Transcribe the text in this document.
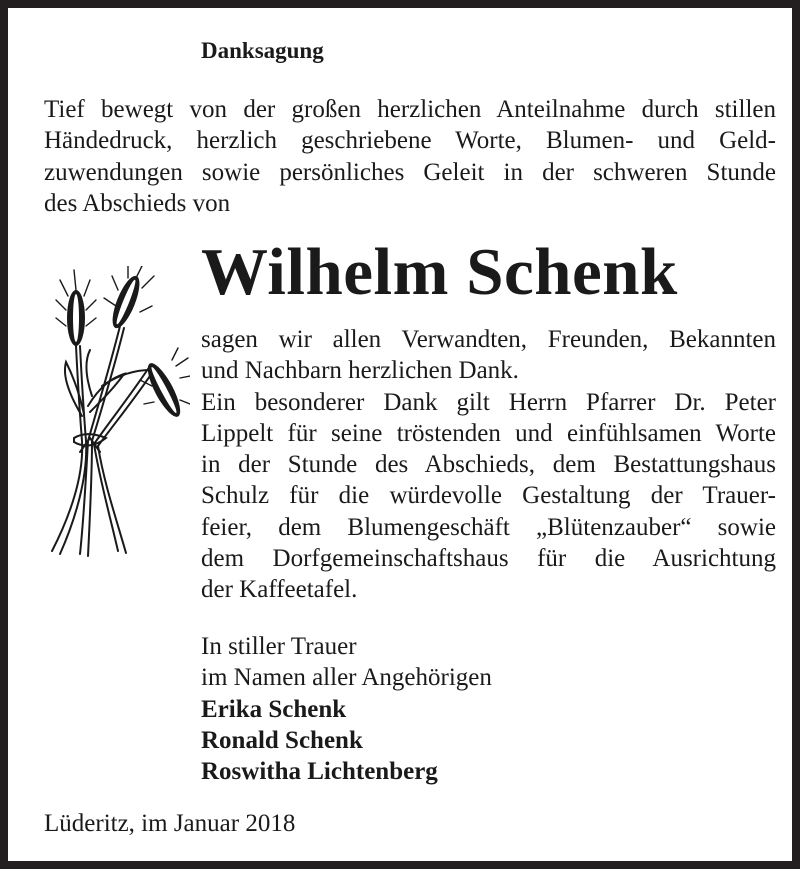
Danksagung

Tief bewegt von der großen herzlichen Anteilnahme durch stillen
Händedruck, herzlich geschriebene Worte, Blumen- und Geld-
zuwendungen sowie persönliches Geleit in der schweren Stunde
des Abschieds von

Wilhelm Schenk

sagen wir allen Verwandten, Freunden, Bekannten
und Nachbarn herzlichen Dank.
Ein besonderer Dank gilt Herrn Pfarrer Dr. Peter
Lippelt für seine tröstenden und einfühlsamen Worte
in der Stunde des Abschieds, dem Bestattungshaus
Schulz für die würdevolle Gestaltung der Trauer-
feier, dem Blumengeschäft „Blütenzauber“ sowie
dem Dorfgemeinschaftshaus für die Ausrichtung
der Kaffeetafel.
In stiller Trauer
im Namen aller Angehörigen
Erika Schenk
Ronald Schenk
Roswitha Lichtenberg

Lüderitz, im Januar 2018
